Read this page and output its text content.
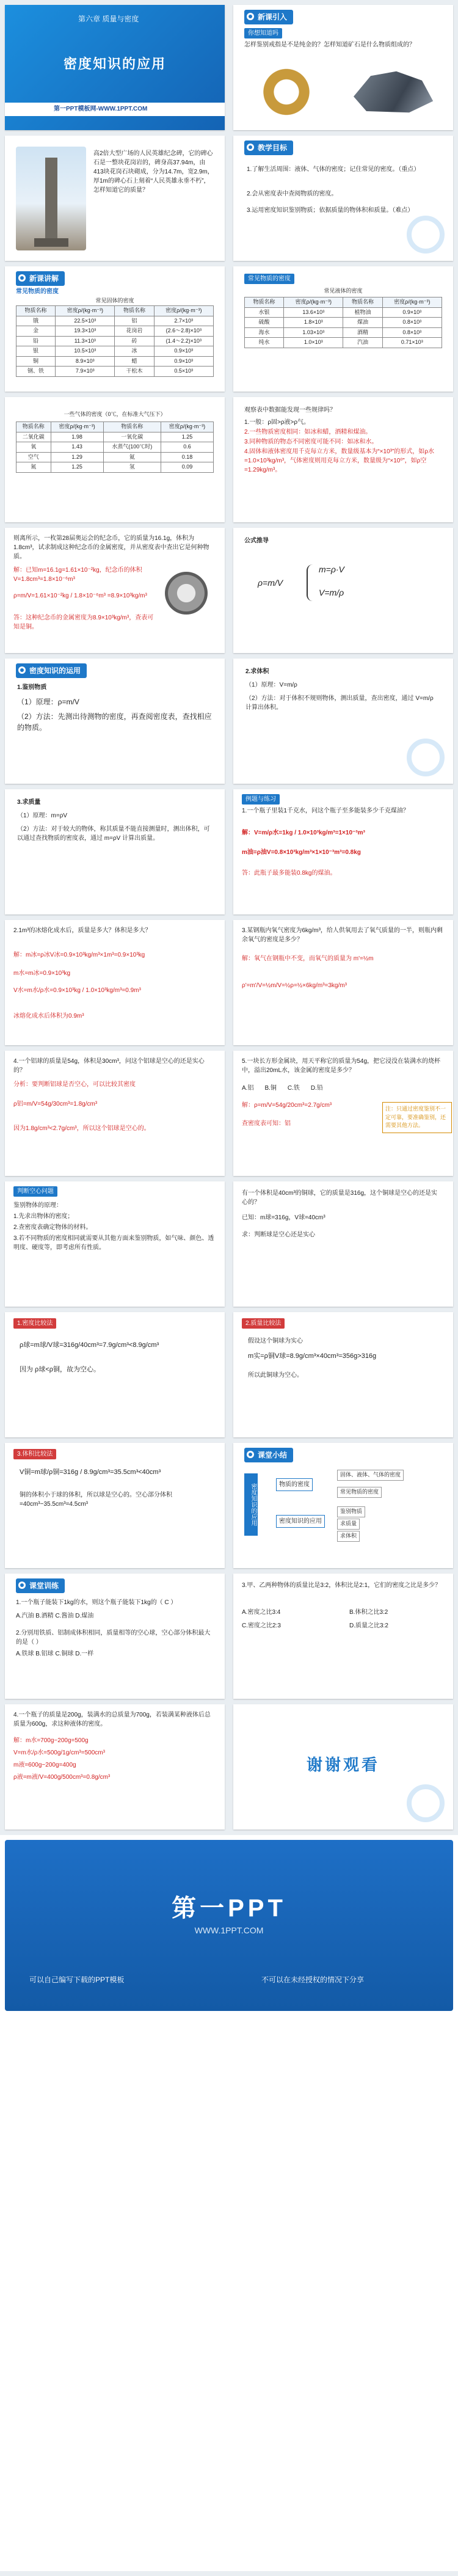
第六章 质量与密度
密度知识的应用
第一PPT模板网-WWW.1PPT.COM
新课引入
你想知道吗
怎样鉴别戒指是不是纯金的？怎样知道矿石是什么物质组成的？
高2倍大型广场的人民英雄纪念碑，它的碑心石是一整块花岗岩的，碑身高37.94m，由413块花岗石块砌成，分为14.7m，宽2.9m，厚1m的碑心石上刻着“人民英雄永垂不朽”，怎样知道它的质量？
教学目标
1.了解生活周围：液体、气体的密度；记住常见的密度。（重点）
2.会从密度表中查阅物质的密度。
3.运用密度知识鉴别物质；依据质量的物体积和质量。（难点）
新课讲解
常见物质的密度
常见固体的密度
物质名称	密度ρ/(kg·m⁻³)	物质名称	密度ρ/(kg·m⁻³)
锇	22.5×10³	铝	2.7×10³
金	19.3×10³	花岗岩	(2.6～2.8)×10³
铅	11.3×10³	砖	(1.4～2.2)×10³
银	10.5×10³	冰	0.9×10³
铜	8.9×10³	蜡	0.9×10³
钢、铁	7.9×10³	干松木	0.5×10³
常见物质的密度
常见液体的密度
物质名称	密度ρ/(kg·m⁻³)	物质名称	密度ρ/(kg·m⁻³)
水银	13.6×10³	植物油	0.9×10³
硫酸	1.8×10³	煤油	0.8×10³
海水	1.03×10³	酒精	0.8×10³
纯水	1.0×10³	汽油	0.71×10³
一些气体的密度（0℃，在标准大气压下）
物质名称	密度ρ/(kg·m⁻³)	物质名称	密度ρ/(kg·m⁻³)
二氧化碳	1.98	一氧化碳	1.25
氧	1.43	水蒸气(100℃时)	0.6
空气	1.29	氦	0.18
氮	1.25	氢	0.09
观察表中数据能发现一些规律吗？
1.一般：ρ固>ρ液>ρ气。
2.一些物质密度相同：如冰和蜡，酒精和煤油。
3.同种物质的物态不同密度可能不同：如冰和水。
4.固体和液体密度用千克每立方米，数量级基本为“×10³”的形式，如ρ水=1.0×10³kg/m³，气体密度则用克每立方米，数量级为“×10⁰”，如ρ空=1.29kg/m³。
则离所示，一枚第28届奥运会的纪念币，它的质量为16.1g，体积为1.8cm³，试求制成这种纪念币的金属密度，并从密度表中查出它是何种物质。
解：已知m=16.1g=1.61×10⁻²kg，纪念币的体积V=1.8cm³=1.8×10⁻⁶m³
ρ=m/V=1.61×10⁻²kg / 1.8×10⁻⁶m³ =8.9×10³kg/m³
答：这种纪念币的金属密度为8.9×10³kg/m³，查表可知是铜。
公式推导
ρ=m/V
m=ρ·V
V=m/ρ
密度知识的运用
1.鉴别物质
（1）原理：ρ=m/V
（2）方法：先测出待测物的密度，再查阅密度表，查找相应的物质。
2.求体积
（1）原理：V=m/ρ
（2）方法：对于体积不规则物体，测出质量，查出密度，通过 V=m/ρ 计算出体积。
3.求质量
（1）原理：m=ρV
（2）方法：对于较大的物体，称其质量不能直接测量时，测出体积，可以通过查找物质的密度表，通过 m=ρV 计算出质量。
例题与练习
1.一个瓶子里装1千克水，问这个瓶子至多能装多少千克煤油？
解：V=m/ρ水=1kg / 1.0×10³kg/m³=1×10⁻³m³
m油=ρ油V=0.8×10³kg/m³×1×10⁻³m³=0.8kg
答：此瓶子最多能装0.8kg的煤油。
2.1m³的冰熔化成水后，质量是多大？体积是多大？
解：m冰=ρ冰V冰=0.9×10³kg/m³×1m³=0.9×10³kg
m水=m冰=0.9×10³kg
V水=m水/ρ水=0.9×10³kg / 1.0×10³kg/m³=0.9m³
冰熔化成水后体积为0.9m³
3.某钢瓶内氧气密度为6kg/m³，给人供氧用去了氧气质量的一半，则瓶内剩余氧气的密度是多少？
解：氧气在钢瓶中不变，而氧气的质量为 m'=½m
ρ'=m'/V=½m/V=½ρ=½×6kg/m³=3kg/m³
4.一个铝球的质量是54g，体积是30cm³，问这个铝球是空心的还是实心的？
分析：要判断铝球是否空心，可以比较其密度
ρ铝=m/V=54g/30cm³=1.8g/cm³
因为1.8g/cm³<2.7g/cm³，所以这个铝球是空心的。
5.一块长方形金属块，用天平称它的质量为54g，把它浸没在装满水的烧杯中，溢出20mL水，该金属的密度是多少？
A.铝 B.铜 C.铁 D.铅
解：ρ=m/V=54g/20cm³=2.7g/cm³
查密度表可知：铝
注：只通过密度鉴别不一定可靠，要准确鉴别，还需要其他方法。
判断空心问题
鉴别物体的原理：
1.先求出物体的密度；
2.查密度表确定物体的材料。
3.若不同物质的密度相同就需要从其他方面来鉴别物质，如气味、颜色、透明度、硬度等，即考虑所有性质。
有一个体积是40cm³的铜球，它的质量是316g，这个铜球是空心的还是实心的？
已知：m球=316g，V球=40cm³
求：判断球是空心还是实心
1.密度比较法
ρ球=m球/V球=316g/40cm³=7.9g/cm³<8.9g/cm³
因为 ρ球<ρ铜，故为空心。
2.质量比较法
假设这个铜球为实心
m实=ρ铜V球=8.9g/cm³×40cm³=356g>316g
所以此铜球为空心。
3.体积比较法
V铜=m球/ρ铜=316g / 8.9g/cm³=35.5cm³<40cm³
铜的体积小于球的体积，所以球是空心的。空心部分体积=40cm³−35.5cm³=4.5cm³
课堂小结
密度知识的应用	物质的密度
密度知识的应用
固体、液体、气体的密度
常见物质的密度
鉴别物质
求质量
求体积
课堂训练
1.一个瓶子能装下1kg的水，则这个瓶子能装下1kg的（ C ）
A.汽油 B.酒精 C.酱油 D.煤油
2.分别用铁质、铝制成体积相同，质量相等的空心球，空心部分体积最大的是（ ）
A.铁球 B.铝球 C.铜球 D.一样
3.甲、乙两种物体的质量比是3:2，体积比是2:1，它们的密度之比是多少？
A.密度之比3:4	B.体积之比3:2
C.密度之比2:3	D.质量之比3:2
4.一个瓶子的质量是200g，装满水的总质量为700g，若装满某种液体后总质量为600g，求这种液体的密度。
解：m水=700g−200g=500g
V=m水/ρ水=500g/1g/cm³=500cm³
m液=600g−200g=400g
ρ液=m液/V=400g/500cm³=0.8g/cm³
谢谢观看
第一PPT
WWW.1PPT.COM
可以自己编写下载的PPT模板	不可以在未经授权的情况下分享
